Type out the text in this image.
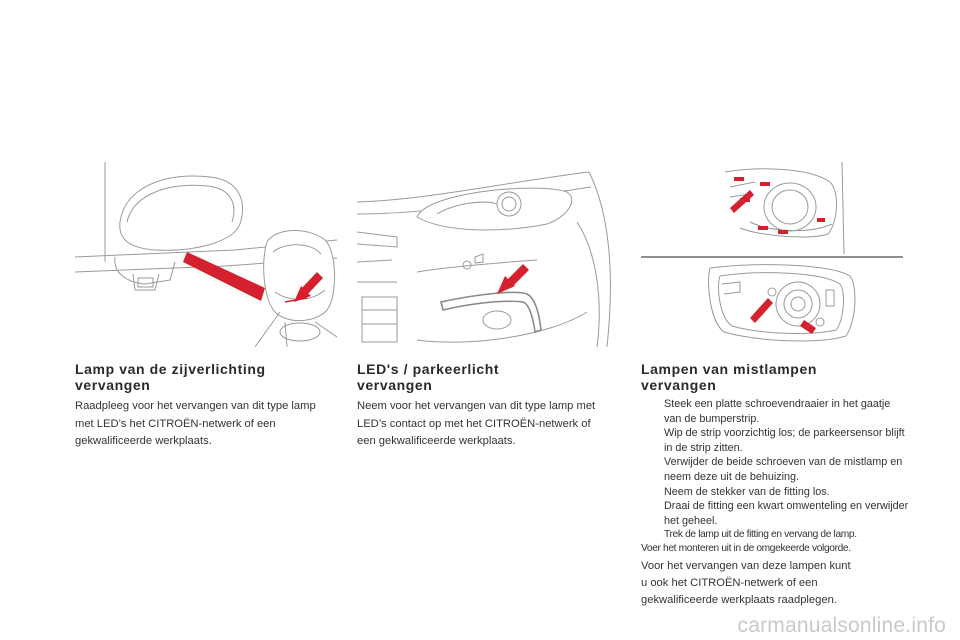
Lamp van de zijverlichting vervangen

Raadpleeg voor het vervangen van dit type lamp met LED’s het CITROËN-netwerk of een gekwalificeerde werkplaats.

LED's / parkeerlicht vervangen

Neem voor het vervangen van dit type lamp met LED’s contact op met het CITROËN-netwerk of een gekwalificeerde werkplaats.

Lampen van mistlampen vervangen
Steek een platte schroevendraaier in het gaatje van de bumperstrip.
Wip de strip voorzichtig los; de parkeersensor blijft in de strip zitten.
Verwijder de beide schroeven van de mistlamp en neem deze uit de behuizing.
Neem de stekker van de fitting los.
Draai de fitting een kwart omwenteling en verwijder het geheel.
Trek de lamp uit de fitting en vervang de lamp.

Voer het monteren uit in de omgekeerde volgorde.

Voor het vervangen van deze lampen kunt u ook het CITROËN-netwerk of een gekwalificeerde werkplaats raadplegen.

carmanualsonline.info
